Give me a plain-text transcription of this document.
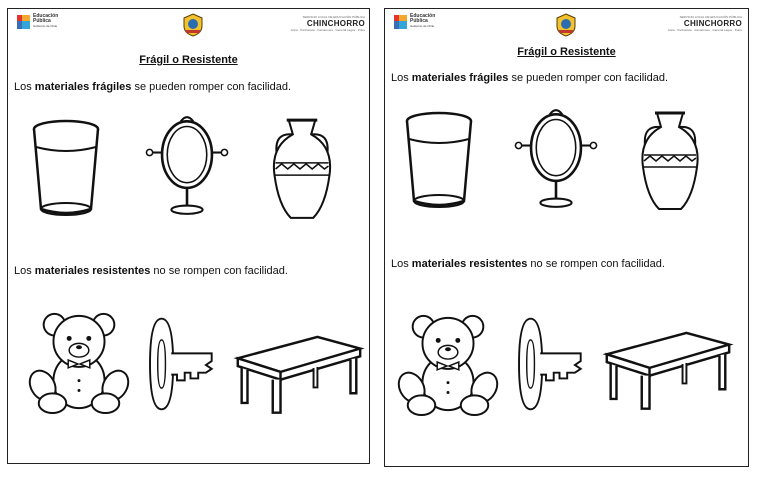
Educación
Pública
Gobierno de Chile
SERVICIO LOCAL DE EDUCACIÓN PÚBLICA
CHINCHORRO
Arica · Parinacota · Camarones · General Lagos · Putre
Frágil o Resistente
Los materiales frágiles se pueden romper con facilidad.
Los materiales resistentes no se rompen con facilidad.
Educación
Pública
Gobierno de Chile
SERVICIO LOCAL DE EDUCACIÓN PÚBLICA
CHINCHORRO
Arica · Parinacota · Camarones · General Lagos · Putre
Frágil o Resistente
Los materiales frágiles se pueden romper con facilidad.
Los materiales resistentes no se rompen con facilidad.
